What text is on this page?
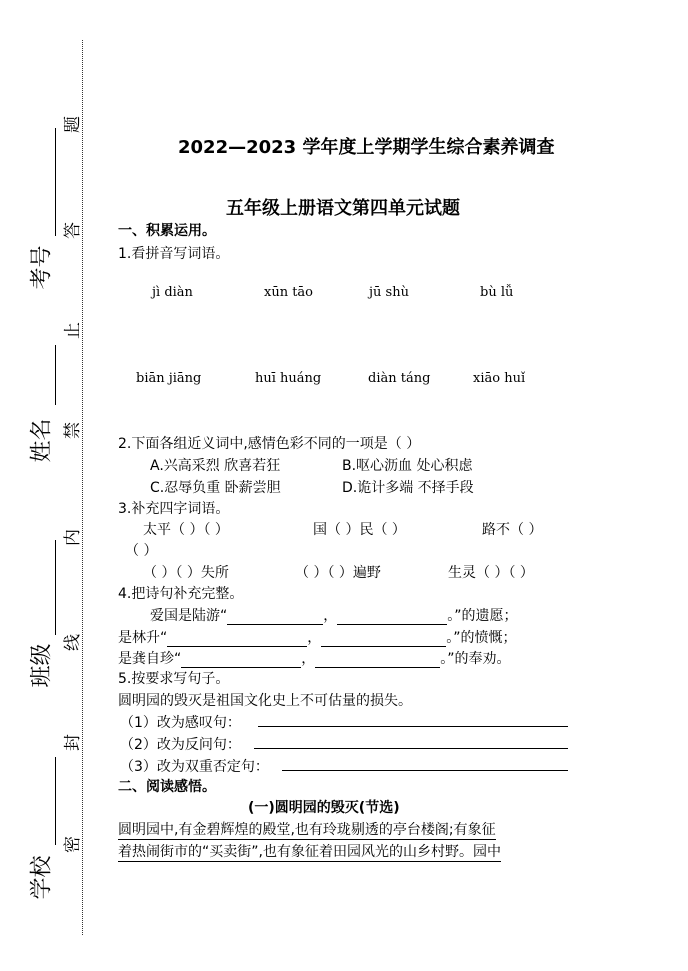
考号
姓名
班级
学校
题
答
止
禁
内
线
封
密
2022—2023 学年度上学期学生综合素养调查
五年级上册语文第四单元试题
一、积累运用。
1.看拼音写词语。
jì diàn	xūn tāo	jū shù	bù lǚ
biān jiāng	huī huáng	diàn táng	xiāo huǐ
2.下面各组近义词中,感情色彩不同的一项是（ ）
A.兴高采烈 欣喜若狂	B.呕心沥血 处心积虑
C.忍辱负重 卧薪尝胆	D.诡计多端 不择手段
3.补充四字词语。
太平（ ）（ ）	国（ ）民（ ）	路不（ ）
（ ）
（ ）（ ）失所	（ ）（ ）遍野	生灵（ ）（ ）
4.把诗句补充完整。
爱国是陆游“	，	。”的遗愿；
是林升“	，	。”的愤慨；
是龚自珍“	，	。”的奉劝。
5.按要求写句子。
圆明园的毁灭是祖国文化史上不可估量的损失。
（1）改为感叹句：
（2）改为反问句：
（3）改为双重否定句：
二、阅读感悟。
(一)圆明园的毁灭(节选)
圆明园中,有金碧辉煌的殿堂,也有玲珑剔透的亭台楼阁;有象征
着热闹街市的“买卖街”,也有象征着田园风光的山乡村野。园中
